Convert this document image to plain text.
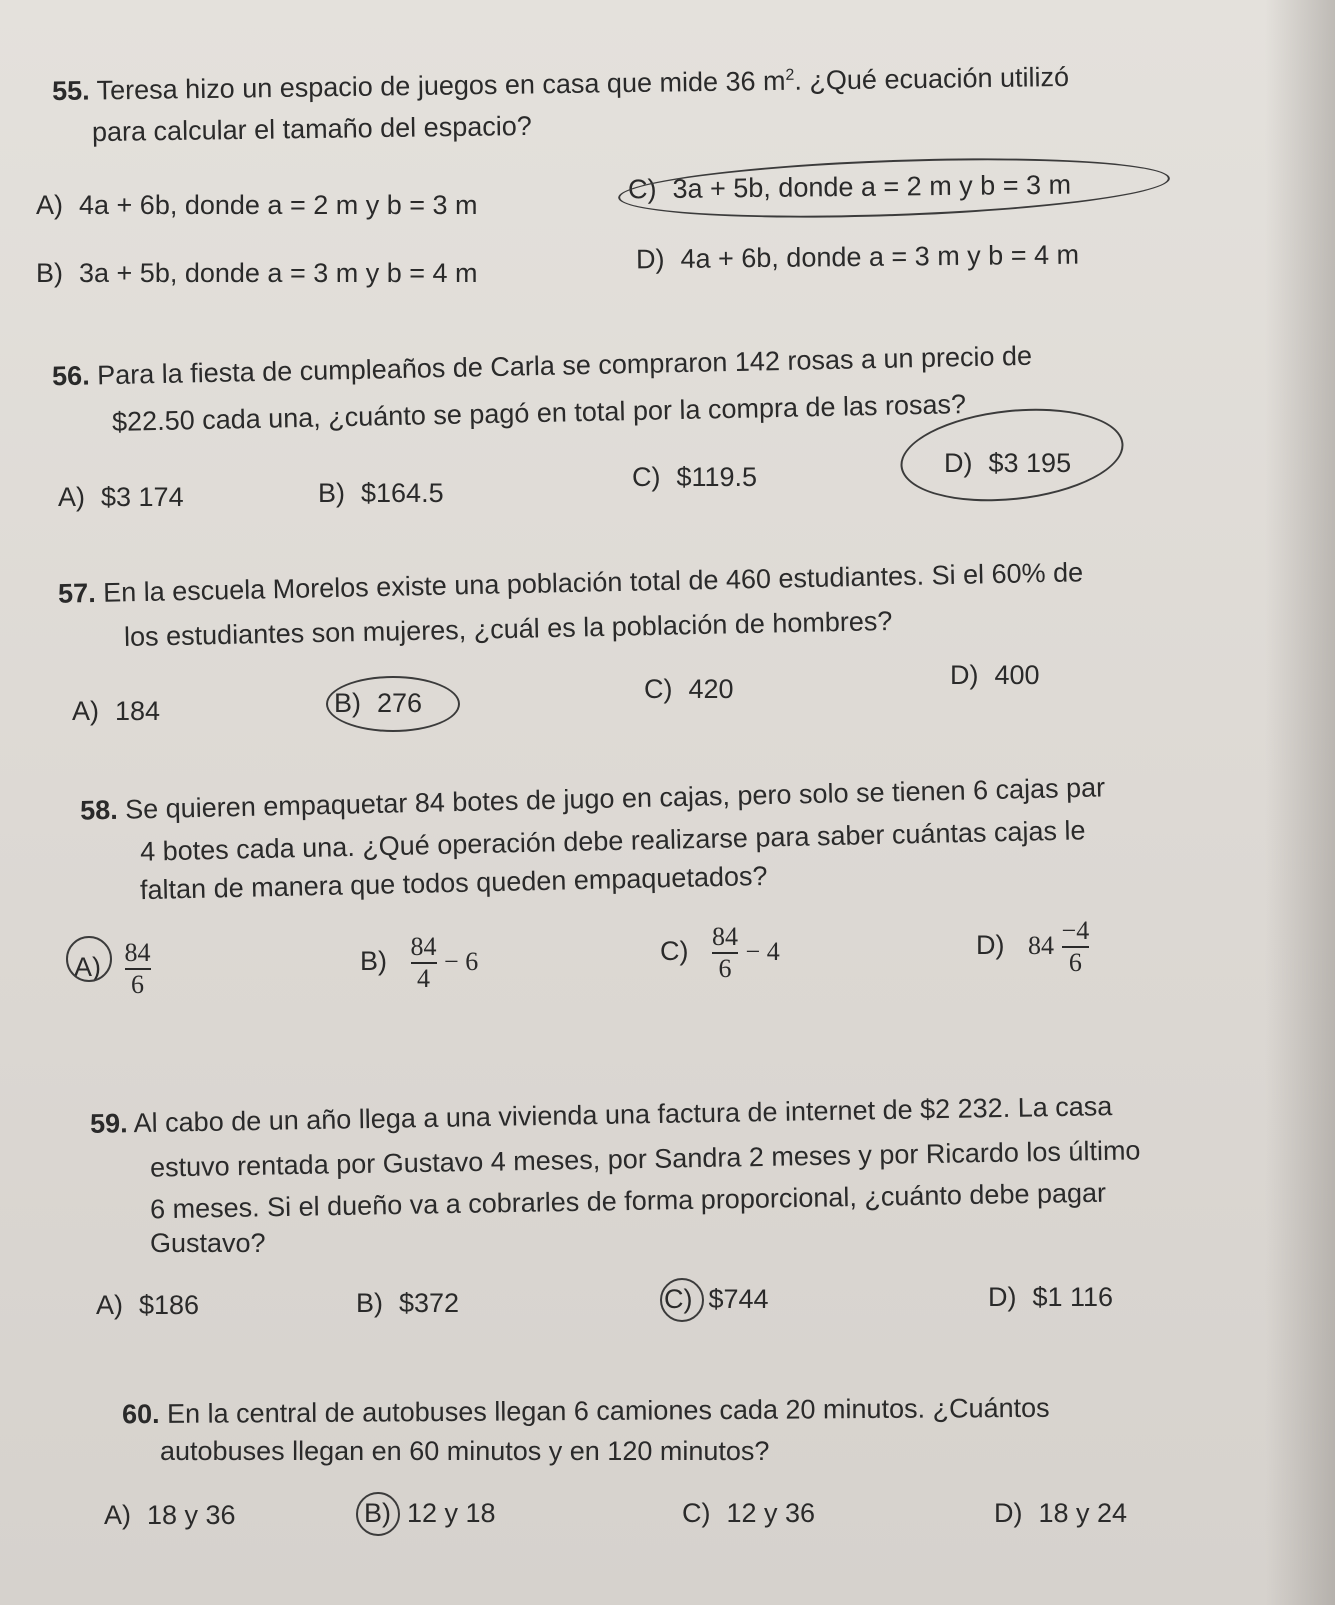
55. Teresa hizo un espacio de juegos en casa que mide 36 $m^2$. ¿Qué ecuación utilizó
para calcular el tamaño del espacio?
A) 4a + 6b, donde a = 2 m y b = 3 m
B) 3a + 5b, donde a = 3 m y b = 4 m
C) 3a + 5b, donde a = 2 m y b = 3 m
D) 4a + 6b, donde a = 3 m y b = 4 m
56. Para la fiesta de cumpleaños de Carla se compraron 142 rosas a un precio de
$22.50 cada una, ¿cuánto se pagó en total por la compra de las rosas?
A) $3 174	B) $164.5
C) $119.5	D) $3 195
57. En la escuela Morelos existe una población total de 460 estudiantes. Si el 60% de
los estudiantes son mujeres, ¿cuál es la población de hombres?
A) 184	B) 276	C) 420	D) 400
58. Se quieren empaquetar 84 botes de jugo en cajas, pero solo se tienen 6 cajas par
4 botes cada una. ¿Qué operación debe realizarse para saber cuántas cajas le
faltan de manera que todos queden empaquetados?
$A) \frac{84}{6}$	$B) \frac{84}{4} - 6$	$C) \frac{84}{6} - 4$	D) $84 \frac{-4}{6}$
59. Al cabo de un año llega a una vivienda una factura de internet de $2 232. La casa
estuvo rentada por Gustavo 4 meses, por Sandra 2 meses y por Ricardo los último
6 meses. Si el dueño va a cobrarles de forma proporcional, ¿cuánto debe pagar
Gustavo?
A) $186	B) $372	C) $744	D) $1 116
60. En la central de autobuses llegan 6 camiones cada 20 minutos. ¿Cuántos
autobuses llegan en 60 minutos y en 120 minutos?
A) 18 y 36	B) 12 y 18	C) 12 y 36	D) 18 y 24
